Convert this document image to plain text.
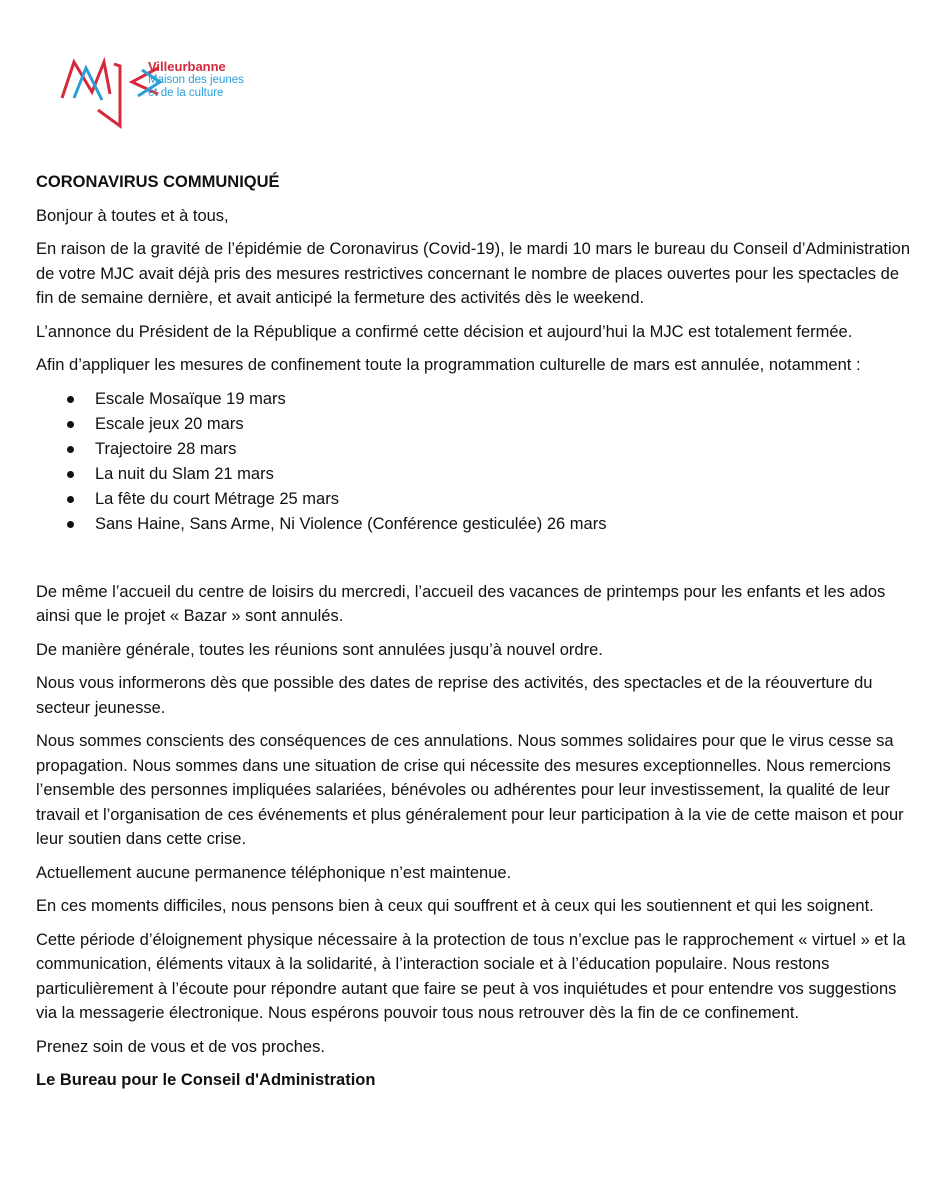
Villeurbanne
Maison des jeunes
et de la culture

CORONAVIRUS COMMUNIQUÉ

Bonjour à toutes et à tous,

En raison de la gravité de l’épidémie de Coronavirus (Covid-19), le mardi 10 mars le bureau du Conseil d’Administration de votre MJC avait déjà pris des mesures restrictives concernant le nombre de places ouvertes pour les spectacles de fin de semaine dernière, et avait anticipé la fermeture des activités dès le weekend.

L’annonce du Président de la République a confirmé cette décision et aujourd’hui la MJC est totalement fermée.

Afin d’appliquer les mesures de confinement toute la programmation culturelle de mars est annulée, notamment :

Escale Mosaïque 19 mars
Escale jeux 20 mars
Trajectoire 28 mars
La nuit du Slam 21 mars
La fête du court Métrage 25 mars
Sans Haine, Sans Arme, Ni Violence (Conférence gesticulée) 26 mars

De même l’accueil du centre de loisirs du mercredi, l’accueil des vacances de printemps pour les enfants et les ados ainsi que le projet « Bazar » sont annulés.

De manière générale, toutes les réunions sont annulées jusqu’à nouvel ordre.

Nous vous informerons dès que possible des dates de reprise des activités, des spectacles et de la réouverture du secteur jeunesse.

Nous sommes conscients des conséquences de ces annulations. Nous sommes solidaires pour que le virus cesse sa propagation. Nous sommes dans une situation de crise qui nécessite des mesures exceptionnelles. Nous remercions l’ensemble des personnes impliquées salariées, bénévoles ou adhérentes pour leur investissement, la qualité de leur travail et l’organisation de ces événements et plus généralement pour leur participation à la vie de cette maison et pour leur soutien dans cette crise.

Actuellement aucune permanence téléphonique n’est maintenue.

En ces moments difficiles, nous pensons bien à ceux qui souffrent et à ceux qui les soutiennent et qui les soignent.

Cette période d’éloignement physique nécessaire à la protection de tous n’exclue pas le rapprochement « virtuel » et la communication, éléments vitaux à la solidarité, à l’interaction sociale et à l’éducation populaire. Nous restons particulièrement à l’écoute pour répondre autant que faire se peut à vos inquiétudes et pour entendre vos suggestions via la messagerie électronique. Nous espérons pouvoir tous nous retrouver dès la fin de ce confinement.

Prenez soin de vous et de vos proches.

Le Bureau pour le Conseil d'Administration
